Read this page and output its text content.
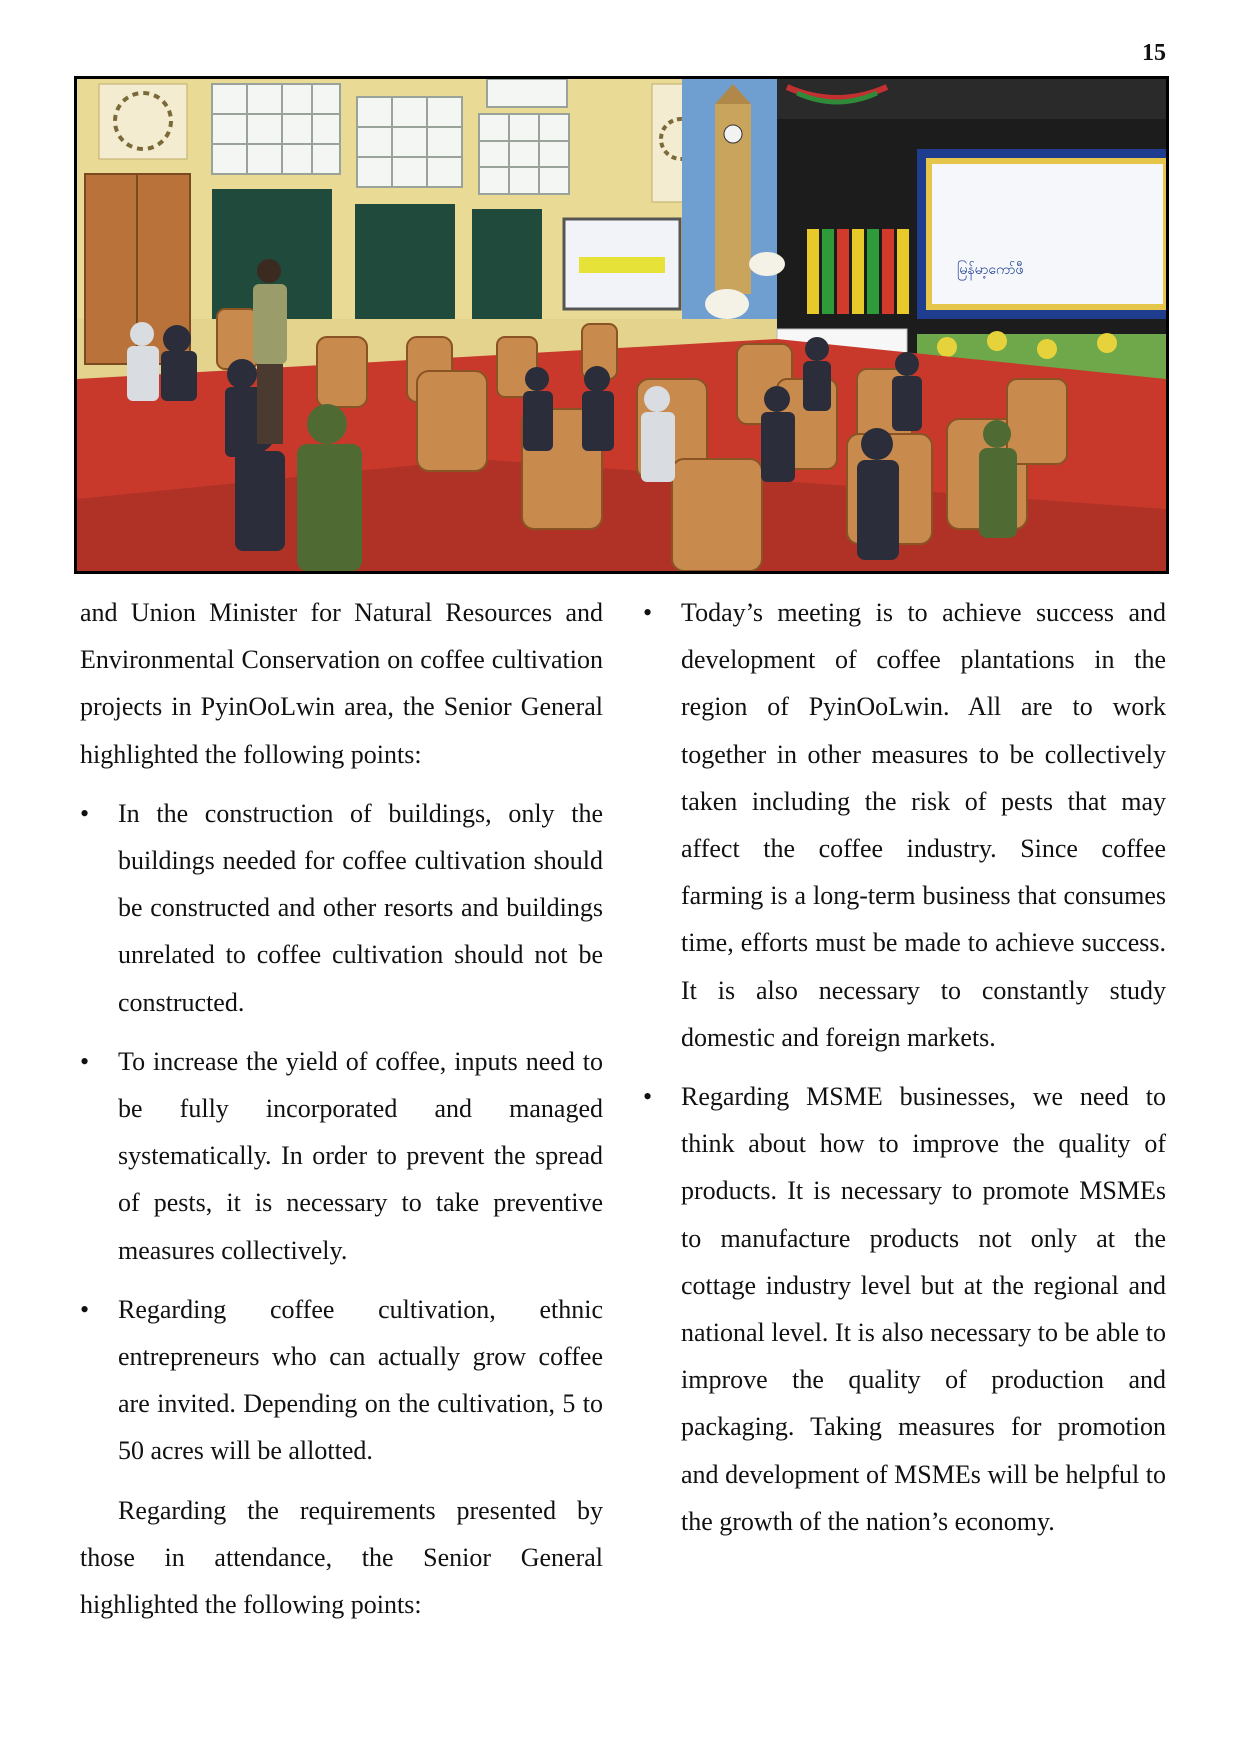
15
မြန်မာ့ကော်ဖီ

and Union Minister for Natural Resources and Environmental Conservation on coffee cultivation projects in PyinOoLwin area, the Senior General highlighted the following points:

•	In the construction of buildings, only the buildings needed for coffee cultivation should be constructed and other resorts and buildings unrelated to coffee cultivation should not be constructed.
•	To increase the yield of coffee, inputs need to be fully incorporated and managed systematically. In order to prevent the spread of pests, it is necessary to take preventive measures collectively.
•	Regarding coffee cultivation, ethnic entrepreneurs who can actually grow coffee are invited. Depending on the cultivation, 5 to 50 acres will be allotted.

Regarding the requirements presented by those in attendance, the Senior General highlighted the following points:

•	Today’s meeting is to achieve success and development of coffee plantations in the region of PyinOoLwin. All are to work together in other measures to be collectively taken including the risk of pests that may affect the coffee industry. Since coffee farming is a long-term business that consumes time, efforts must be made to achieve success. It is also necessary to constantly study domestic and foreign markets.
•	Regarding MSME businesses, we need to think about how to improve the quality of products. It is necessary to promote MSMEs to manufacture products not only at the cottage industry level but at the regional and national level. It is also necessary to be able to improve the quality of production and packaging. Taking measures for promotion and development of MSMEs will be helpful to the growth of the nation’s economy.
